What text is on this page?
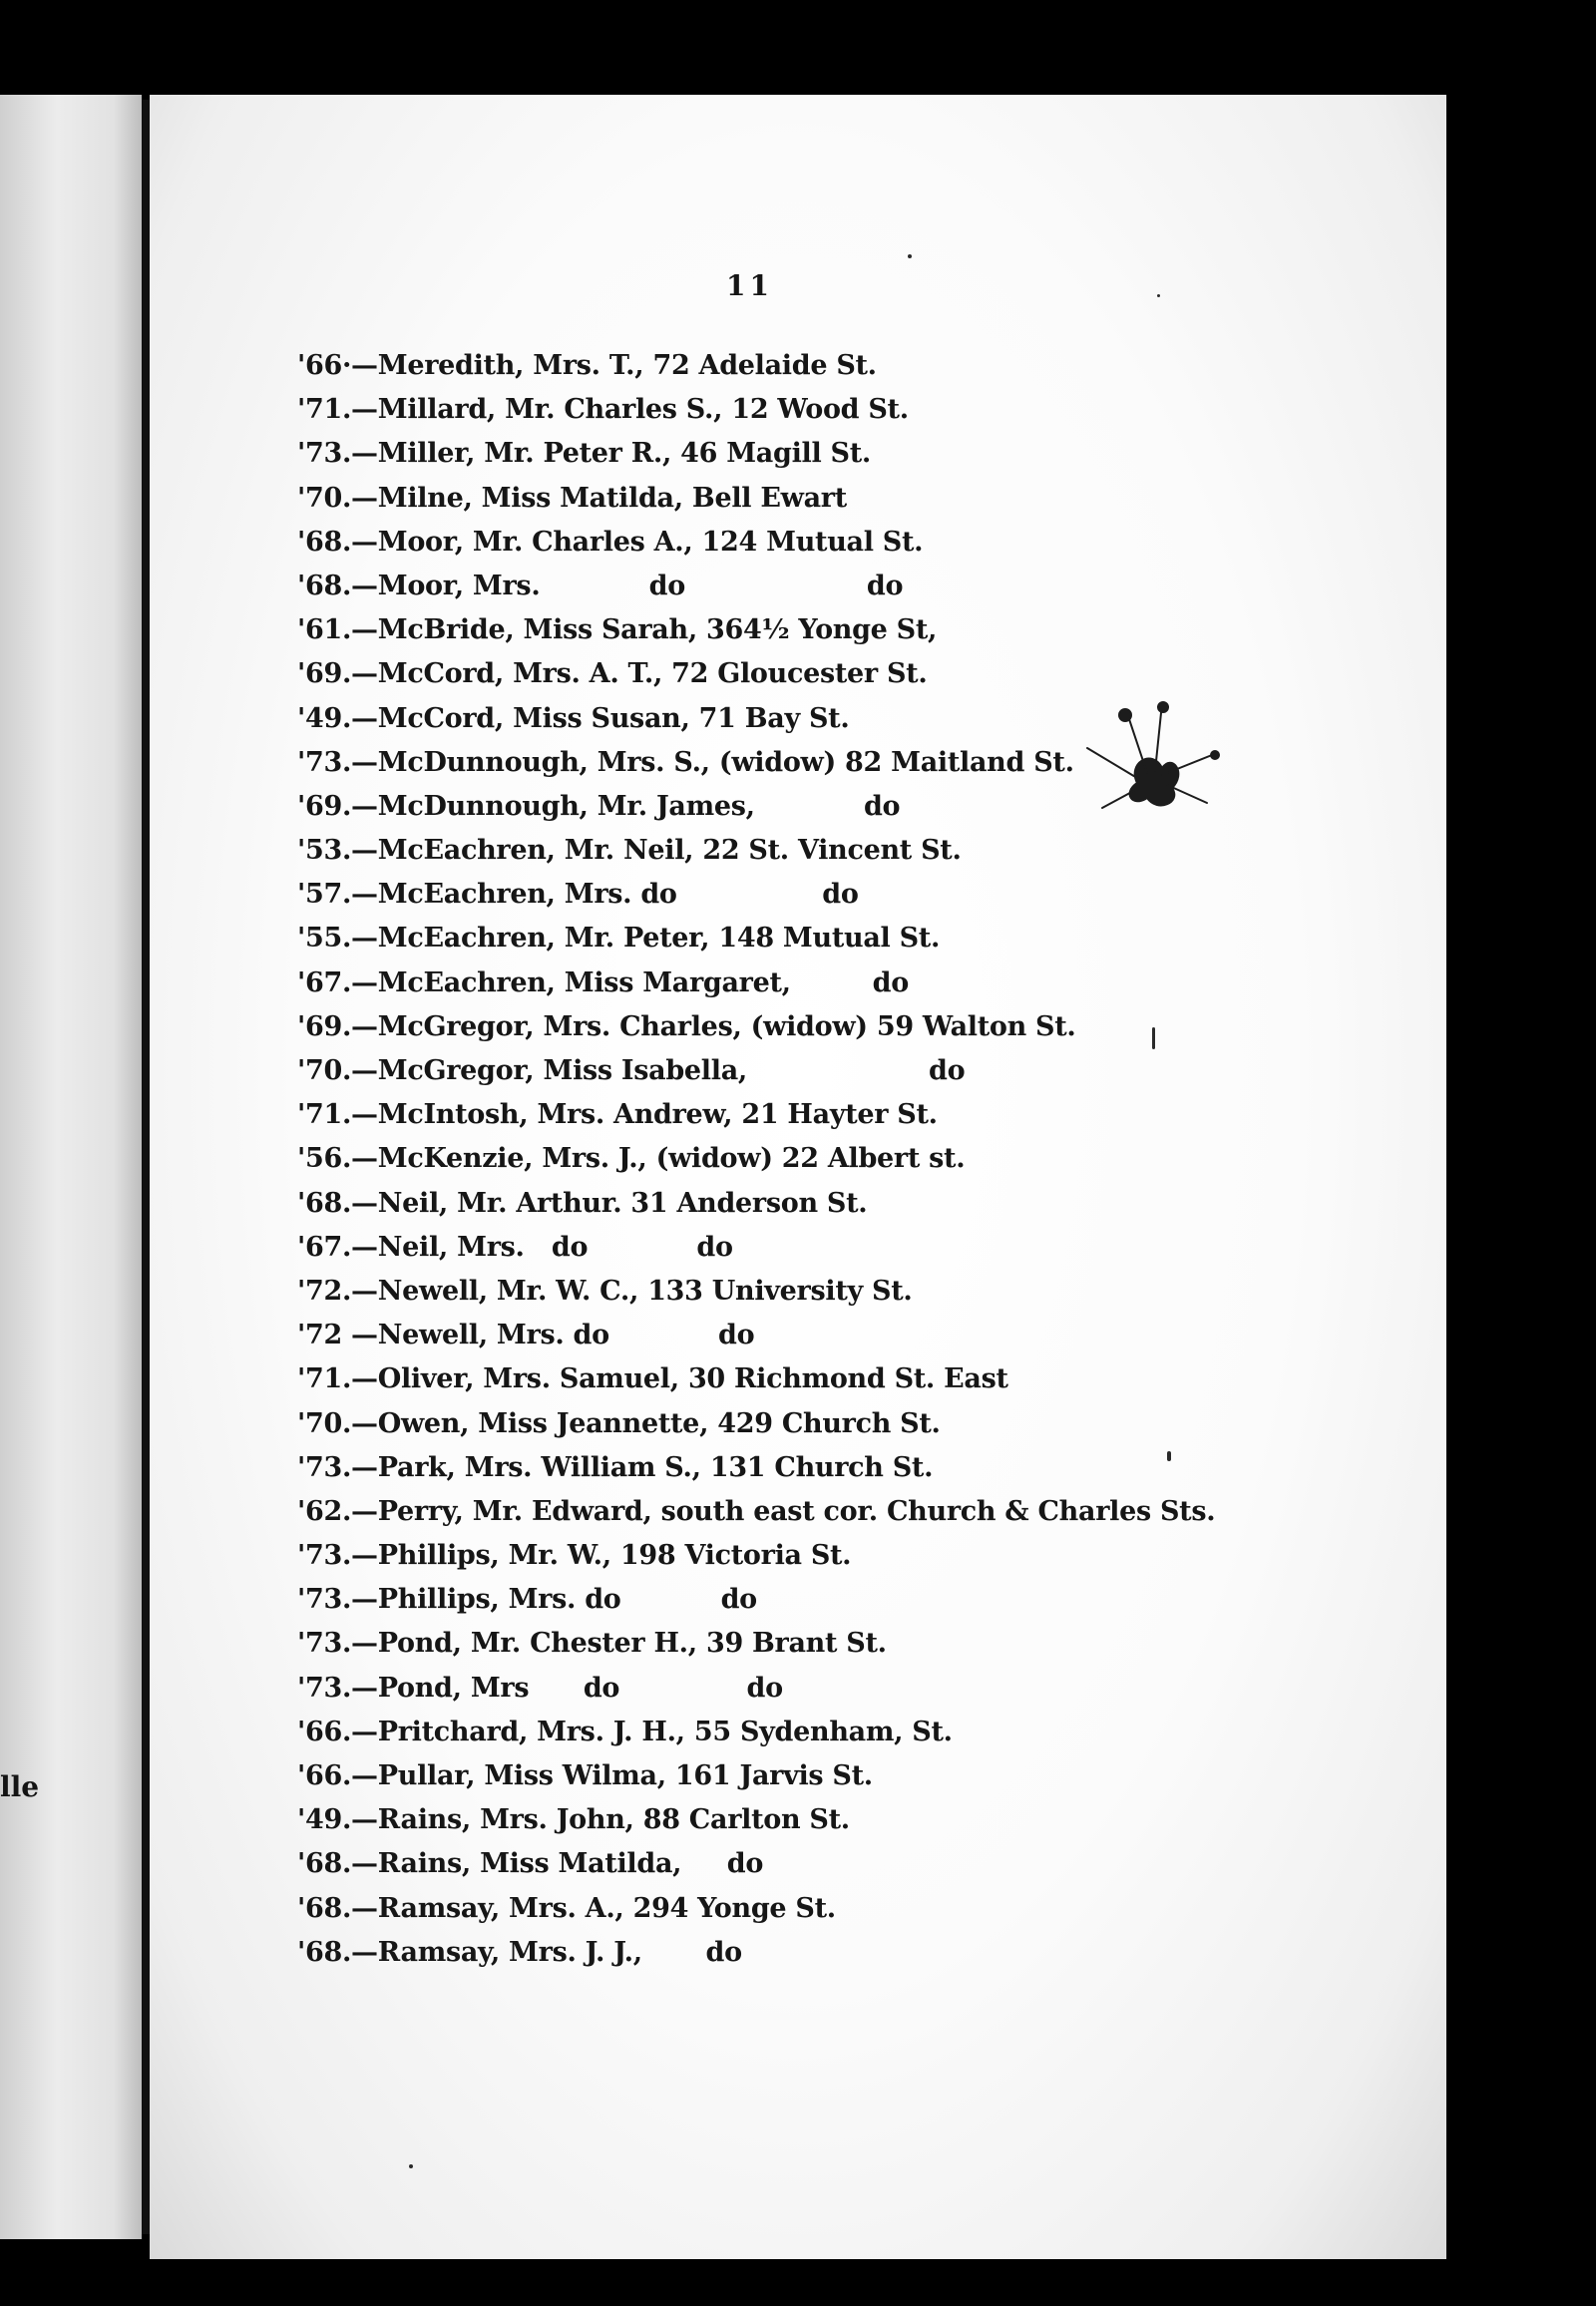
lle
11
'66·—Meredith, Mrs. T., 72 Adelaide St.
'71.—Millard, Mr. Charles S., 12 Wood St.
'73.—Miller, Mr. Peter R., 46 Magill St.
'70.—Milne, Miss Matilda, Bell Ewart
'68.—Moor, Mr. Charles A., 124 Mutual St.
'68.—Moor, Mrs.            do                    do
'61.—McBride, Miss Sarah, 364½ Yonge St,
'69.—McCord, Mrs. A. T., 72 Gloucester St.
'49.—McCord, Miss Susan, 71 Bay St.
'73.—McDunnough, Mrs. S., (widow) 82 Maitland St.
'69.—McDunnough, Mr. James,            do
'53.—McEachren, Mr. Neil, 22 St. Vincent St.
'57.—McEachren, Mrs. do                do
'55.—McEachren, Mr. Peter, 148 Mutual St.
'67.—McEachren, Miss Margaret,         do
'69.—McGregor, Mrs. Charles, (widow) 59 Walton St.
'70.—McGregor, Miss Isabella,                    do
'71.—McIntosh, Mrs. Andrew, 21 Hayter St.
'56.—McKenzie, Mrs. J., (widow) 22 Albert st.
'68.—Neil, Mr. Arthur. 31 Anderson St.
'67.—Neil, Mrs.   do            do
'72.—Newell, Mr. W. C., 133 University St.
'72 —Newell, Mrs. do            do
'71.—Oliver, Mrs. Samuel, 30 Richmond St. East
'70.—Owen, Miss Jeannette, 429 Church St.
'73.—Park, Mrs. William S., 131 Church St.
'62.—Perry, Mr. Edward, south east cor. Church & Charles Sts.
'73.—Phillips, Mr. W., 198 Victoria St.
'73.—Phillips, Mrs. do           do
'73.—Pond, Mr. Chester H., 39 Brant St.
'73.—Pond, Mrs      do              do
'66.—Pritchard, Mrs. J. H., 55 Sydenham, St.
'66.—Pullar, Miss Wilma, 161 Jarvis St.
'49.—Rains, Mrs. John, 88 Carlton St.
'68.—Rains, Miss Matilda,     do
'68.—Ramsay, Mrs. A., 294 Yonge St.
'68.—Ramsay, Mrs. J. J.,       do
